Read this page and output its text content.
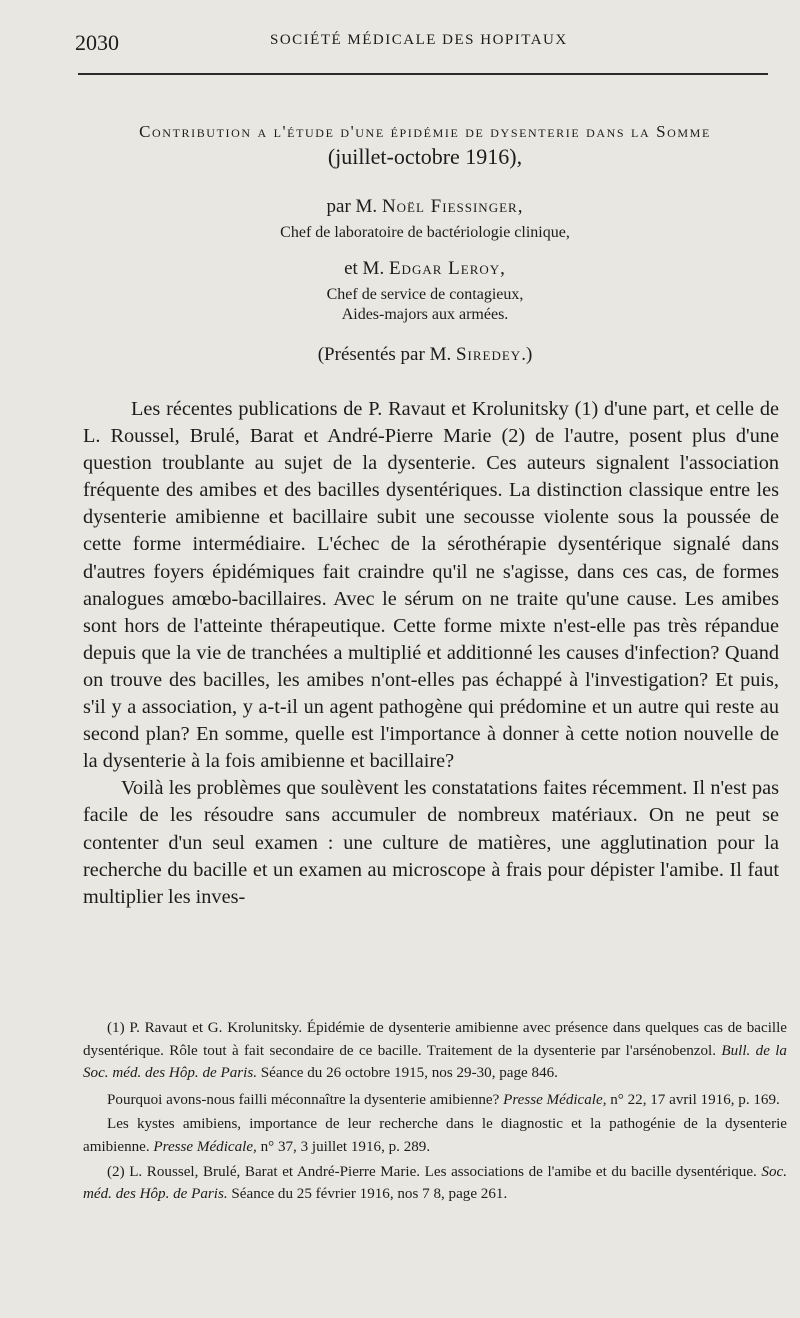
2030	SOCIÉTÉ MÉDICALE DES HOPITAUX
Contribution a l'étude d'une épidémie de dysenterie dans la Somme
(juillet-octobre 1916),
par M. Noël Fiessinger,
Chef de laboratoire de bactériologie clinique,
et M. Edgar Leroy,
Chef de service de contagieux,
Aides-majors aux armées.
(Présentés par M. Siredey.)

Les récentes publications de P. Ravaut et Krolunitsky (1) d'une part, et celle de L. Roussel, Brulé, Barat et André-Pierre Marie (2) de l'autre, posent plus d'une question troublante au sujet de la dysenterie. Ces auteurs signalent l'association fréquente des amibes et des bacilles dysentériques. La distinction classique entre les dysenterie amibienne et bacillaire subit une secousse violente sous la poussée de cette forme intermédiaire. L'échec de la sérothérapie dysentérique signalé dans d'autres foyers épidémiques fait craindre qu'il ne s'agisse, dans ces cas, de formes analogues amœbo-bacillaires. Avec le sérum on ne traite qu'une cause. Les amibes sont hors de l'atteinte thérapeutique. Cette forme mixte n'est-elle pas très répandue depuis que la vie de tranchées a multiplié et additionné les causes d'infection? Quand on trouve des bacilles, les amibes n'ont-elles pas échappé à l'investigation? Et puis, s'il y a association, y a-t-il un agent pathogène qui prédomine et un autre qui reste au second plan? En somme, quelle est l'importance à donner à cette notion nouvelle de la dysenterie à la fois amibienne et bacillaire?

Voilà les problèmes que soulèvent les constatations faites récemment. Il n'est pas facile de les résoudre sans accumuler de nombreux matériaux. On ne peut se contenter d'un seul examen : une culture de matières, une agglutination pour la recherche du bacille et un examen au microscope à frais pour dépister l'amibe. Il faut multiplier les inves-

(1) P. Ravaut et G. Krolunitsky. Épidémie de dysenterie amibienne avec présence dans quelques cas de bacille dysentérique. Rôle tout à fait secondaire de ce bacille. Traitement de la dysenterie par l'arsénobenzol. Bull. de la Soc. méd. des Hôp. de Paris. Séance du 26 octobre 1915, nos 29-30, page 846.

Pourquoi avons-nous failli méconnaître la dysenterie amibienne? Presse Médicale, n° 22, 17 avril 1916, p. 169.

Les kystes amibiens, importance de leur recherche dans le diagnostic et la pathogénie de la dysenterie amibienne. Presse Médicale, n° 37, 3 juillet 1916, p. 289.

(2) L. Roussel, Brulé, Barat et André-Pierre Marie. Les associations de l'amibe et du bacille dysentérique. Soc. méd. des Hôp. de Paris. Séance du 25 février 1916, nos 7 8, page 261.
